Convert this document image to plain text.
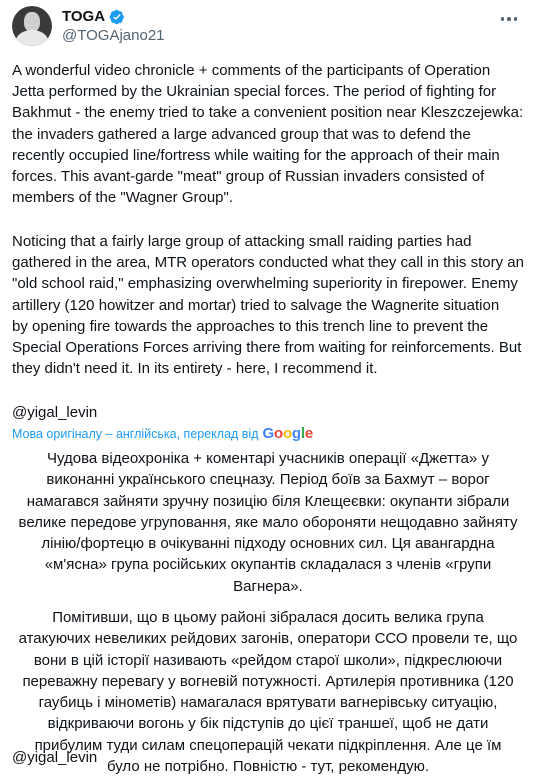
TOGA
@TOGAjano21
A wonderful video chronicle + comments of the participants of Operation
Jetta performed by the Ukrainian special forces. The period of fighting for
Bakhmut - the enemy tried to take a convenient position near Kleszczejewka:
the invaders gathered a large advanced group that was to defend the
recently occupied line/fortress while waiting for the approach of their main
forces. This avant-garde "meat" group of Russian invaders consisted of
members of the "Wagner Group".
Noticing that a fairly large group of attacking small raiding parties had
gathered in the area, MTR operators conducted what they call in this story an
"old school raid," emphasizing overwhelming superiority in firepower. Enemy
artillery (120 howitzer and mortar) tried to salvage the Wagnerite situation
by opening fire towards the approaches to this trench line to prevent the
Special Operations Forces arriving there from waiting for reinforcements. But
they didn't need it. In its entirety - here, I recommend it.
@yigal_levin
Мова оригіналу – англійська, переклад від Google
Чудова відеохроніка + коментарі учасників операції «Джетта» у
виконанні українського спецназу. Період боїв за Бахмут – ворог
намагався зайняти зручну позицію біля Клещеєвки: окупанти зібрали
велике передове угруповання, яке мало обороняти нещодавно зайняту
лінію/фортецю в очікуванні підходу основних сил. Ця авангардна
«м'ясна» група російських окупантів складалася з членів «групи
Вагнера».
Помітивши, що в цьому районі зібралася досить велика група
атакуючих невеликих рейдових загонів, оператори ССО провели те, що
вони в цій історії називають «рейдом старої школи», підкреслюючи
переважну перевагу у вогневій потужності. Артилерія противника (120
гаубиць і мінометів) намагалася врятувати вагнерівську ситуацію,
відкриваючи вогонь у бік підступів до цієї траншеї, щоб не дати
прибулим туди силам спецоперацій чекати підкріплення. Але це їм
було не потрібно. Повністю - тут, рекомендую.
@yigal_levin
